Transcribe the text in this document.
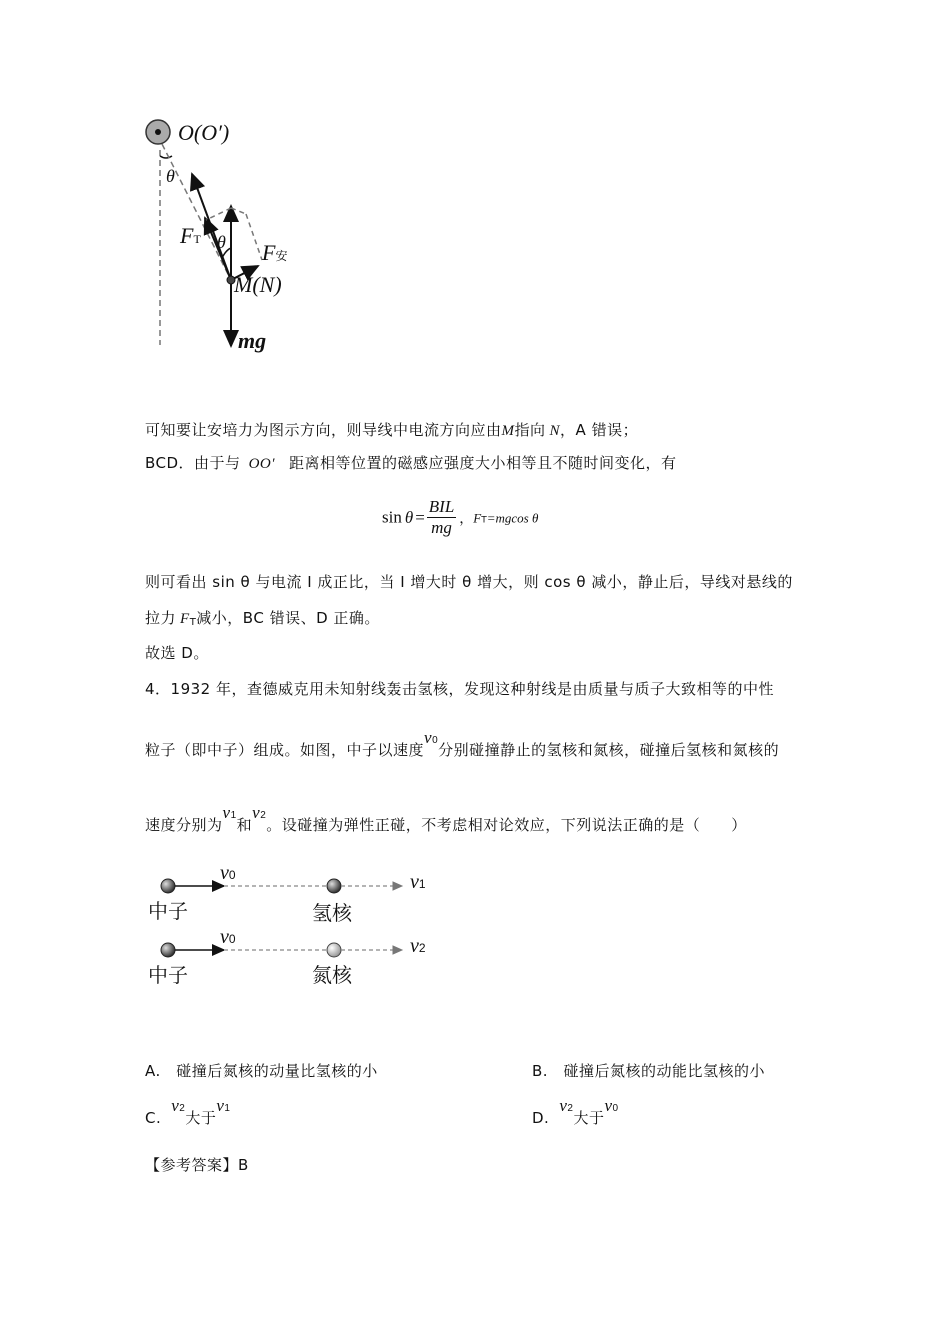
O(O′)
θ
FT θ F安
M(N)
mg
可知要让安培力为图示方向，则导线中电流方向应由M指向 N，A 错误；
BCD．由于与 OO′ 距离相等位置的磁感应强度大小相等且不随时间变化，有
$\sin \theta = \frac{\text{BIL}}{mg}$ ，FT=mgcos θ
则可看出 sin θ 与电流 I 成正比，当 I 增大时 θ 增大，则 cos θ 减小，静止后，导线对悬线的
拉力 $F_T$减小，BC 错误、D 正确。
故选 D。
4．1932 年，查德威克用未知射线轰击氢核，发现这种射线是由质量与质子大致相等的中性
粒子（即中子）组成。如图，中子以速度v0分别碰撞静止的氢核和氮核，碰撞后氢核和氮核的
速度分别为v1和v2。设碰撞为弹性正碰，不考虑相对论效应，下列说法正确的是（　　）
中子
v0
氢核
v1
中子
v0
氮核
v2
A.　碰撞后氮核的动量比氢核的小	B.　碰撞后氮核的动能比氢核的小
C.v2大于v1
D.v2大于v0
【参考答案】B
